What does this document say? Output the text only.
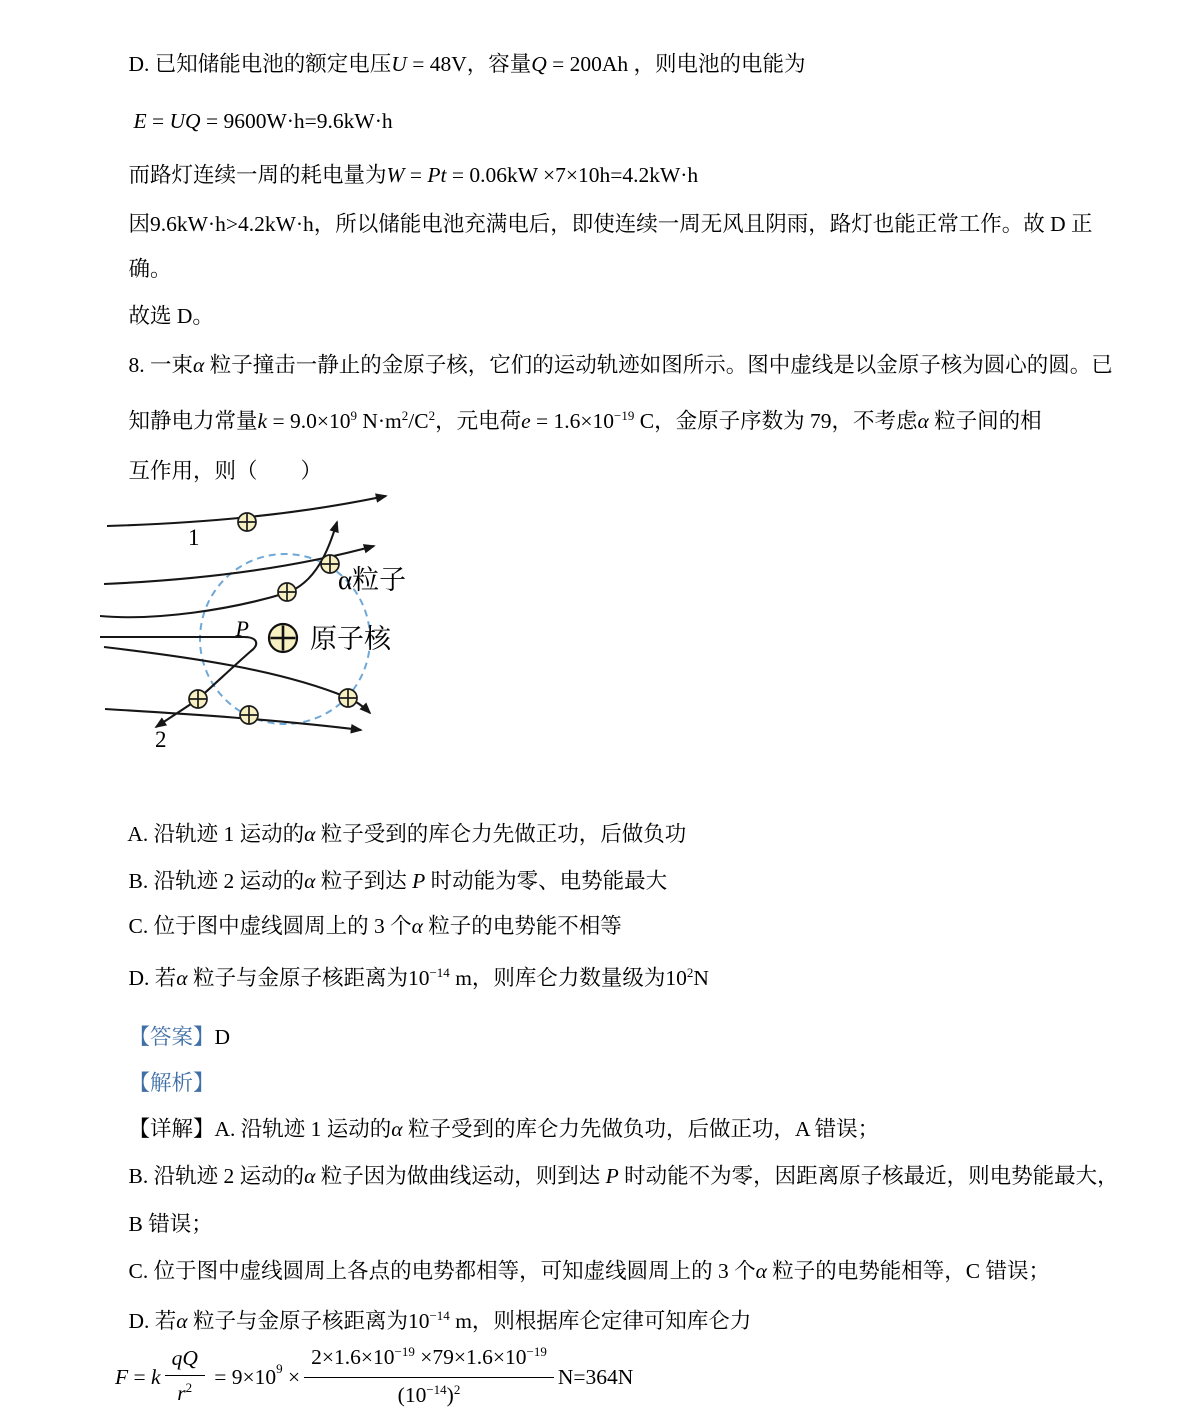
D. 已知储能电池的额定电压U = 48V，容量Q = 200Ah ，则电池的电能为

E = UQ = 9600W·h=9.6kW·h

而路灯连续一周的耗电量为W = Pt = 0.06kW ×7×10h=4.2kW·h

因9.6kW·h>4.2kW·h，所以储能电池充满电后，即使连续一周无风且阴雨，路灯也能正常工作。故 D 正

确。

故选 D。

8. 一束α 粒子撞击一静止的金原子核，它们的运动轨迹如图所示。图中虚线是以金原子核为圆心的圆。已

知静电力常量$k = 9.0\times 10^9$ $N\cdot m^2/C^2$，元电荷$e = 1.6\times 10^{-19}$ C，金原子序数为 79，不考虑α 粒子间的相

互作用，则（　　）

1
2
P
α粒子
原子核

A. 沿轨迹 1 运动的α 粒子受到的库仑力先做正功，后做负功

B. 沿轨迹 2 运动的α 粒子到达 P 时动能为零、电势能最大

C. 位于图中虚线圆周上的 3 个α 粒子的电势能不相等

D. 若α 粒子与金原子核距离为$10^{-14}$ m，则库仑力数量级为$10^2N$

【答案】D

【解析】

【详解】A. 沿轨迹 1 运动的α 粒子受到的库仑力先做负功，后做正功，A 错误；

B. 沿轨迹 2 运动的α 粒子因为做曲线运动，则到达 P 时动能不为零，因距离原子核最近，则电势能最大，

B 错误；

C. 位于图中虚线圆周上各点的电势都相等，可知虚线圆周上的 3 个α 粒子的电势能相等，C 错误；

D. 若α 粒子与金原子核距离为$10^{-14}$ m，则根据库仑定律可知库仑力

F = k $\frac{qQ}{r^2} = 9\times 10$ $9 \times \frac{2\times 1.6\times 10^{-19} \times 79\times 1.6\times 10^{-19}}{(10^{-14})^2} N=364N$
